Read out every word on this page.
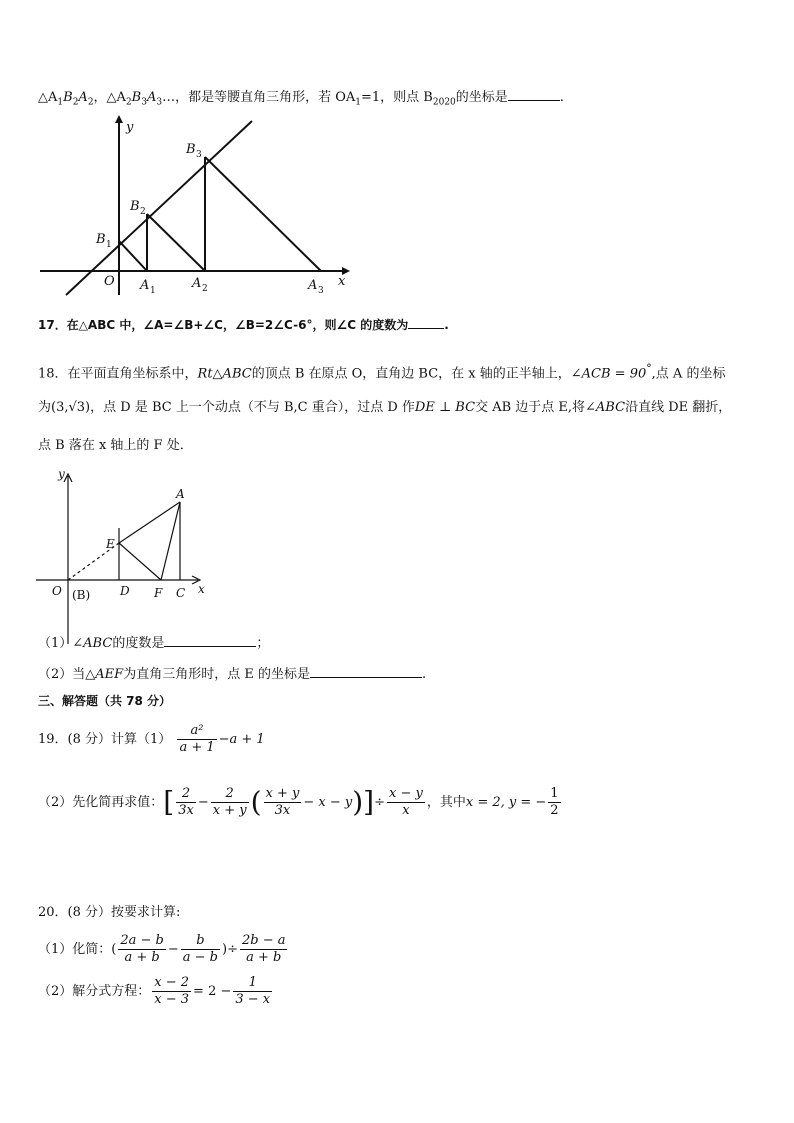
$\triangle A_1B_2A_2$，$\triangle A_2B_3A_3\dots$，都是等腰直角三角形，若 $OA_1=1$，则点 $B_{2020}$的坐标是	.
y
x
O
B 1
B 2
B 3
A 1	A 2	A 3
17．在△ABC 中，∠A=∠B+∠C，∠B=2∠C-6°，则∠C 的度数为	.
18．在平面直角坐标系中，Rt△ABC的顶点 B 在原点 O，直角边 BC，在 x 轴的正半轴上，∠ACB = 90°,点 A 的坐标
为(3,√3)，点 D 是 BC 上一个动点（不与 B,C 重合），过点 D 作DE ⊥ BC交 AB 边于点 E,将∠ABC沿直线 DE 翻折，
点 B 落在 x 轴上的 F 处．
y
x
A
E
O (B) D F C
（1）∠ABC的度数是	；
（2）当△AEF为直角三角形时，点 E 的坐标是	.
三、解答题（共 78 分）
19．(8 分）计算$(1) \frac{\text{a²}}{a + 1} -a + 1$
（2）先化简再求值：[ $\frac{2}{3x} - \frac{2}{x + y}$ ( $\frac{x + y}{3x} - x - y)]\div \frac{x - y}{x}$ ，其中x = 2, y = − $\frac{1}{2}$
20．(8 分）按要求计算:
（1）化简：( $\frac{2a - b}{a + b} - \frac{b}{a - b}$ )÷ $\frac{2b - a}{a + b}$
（2）解分式方程： $\frac{x - 2}{x - 3} = 2 - \frac{1}{3 - x}$
